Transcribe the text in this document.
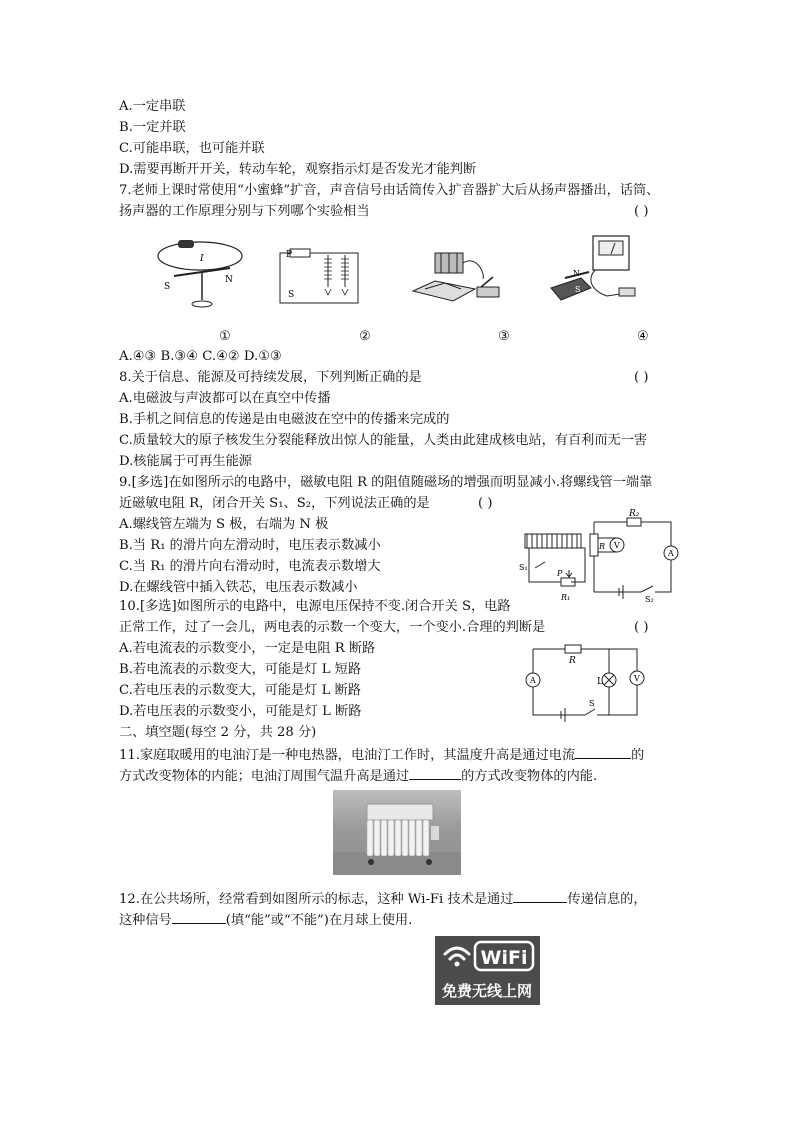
A.一定串联
B.一定并联
C.可能串联，也可能并联
D.需要再断开开关，转动车轮，观察指示灯是否发光才能判断
7.老师上课时常使用“小蜜蜂”扩音，声音信号由话筒传入扩音器扩大后从扬声器播出，话筒、
扬声器的工作原理分别与下列哪个实验相当	( )
S
N
I	P
S
N
S
①	②	③	④
A.④③ B.③④ C.④② D.①③
8.关于信息、能源及可持续发展，下列判断正确的是	( )
A.电磁波与声波都可以在真空中传播
B.手机之间信息的传递是由电磁波在空中的传播来完成的
C.质量较大的原子核发生分裂能释放出惊人的能量，人类由此建成核电站，有百利而无一害
D.核能属于可再生能源
9.[多选]在如图所示的电路中，磁敏电阻 R 的阻值随磁场的增强而明显减小.将螺线管一端靠
近磁敏电阻 R，闭合开关 S₁、S₂，下列说法正确的是	( )
A.螺线管左端为 S 极，右端为 N 极
B.当 R₁ 的滑片向左滑动时，电压表示数减小
C.当 R₁ 的滑片向右滑动时，电流表示数增大
D.在螺线管中插入铁芯，电压表示数减小
R₂
R V
A
S₁
P
R₁	S₂
10.[多选]如图所示的电路中，电源电压保持不变.闭合开关 S，电路
正常工作，过了一会儿，两电表的示数一个变大，一个变小.合理的判断是	( )
A.若电流表的示数变小，一定是电阻 R 断路
B.若电流表的示数变大，可能是灯 L 短路
C.若电压表的示数变大，可能是灯 L 断路
D.若电压表的示数变小，可能是灯 L 断路
R
A	L	V
S
二、填空题(每空 2 分，共 28 分)
11.家庭取暖用的电油汀是一种电热器，电油汀工作时，其温度升高是通过电流	的
方式改变物体的内能；电油汀周围气温升高是通过	的方式改变物体的内能.
12.在公共场所，经常看到如图所示的标志，这种 Wi-Fi 技术是通过	传递信息的，
这种信号	(填“能”或“不能”)在月球上使用.
WiFi
免费无线上网
